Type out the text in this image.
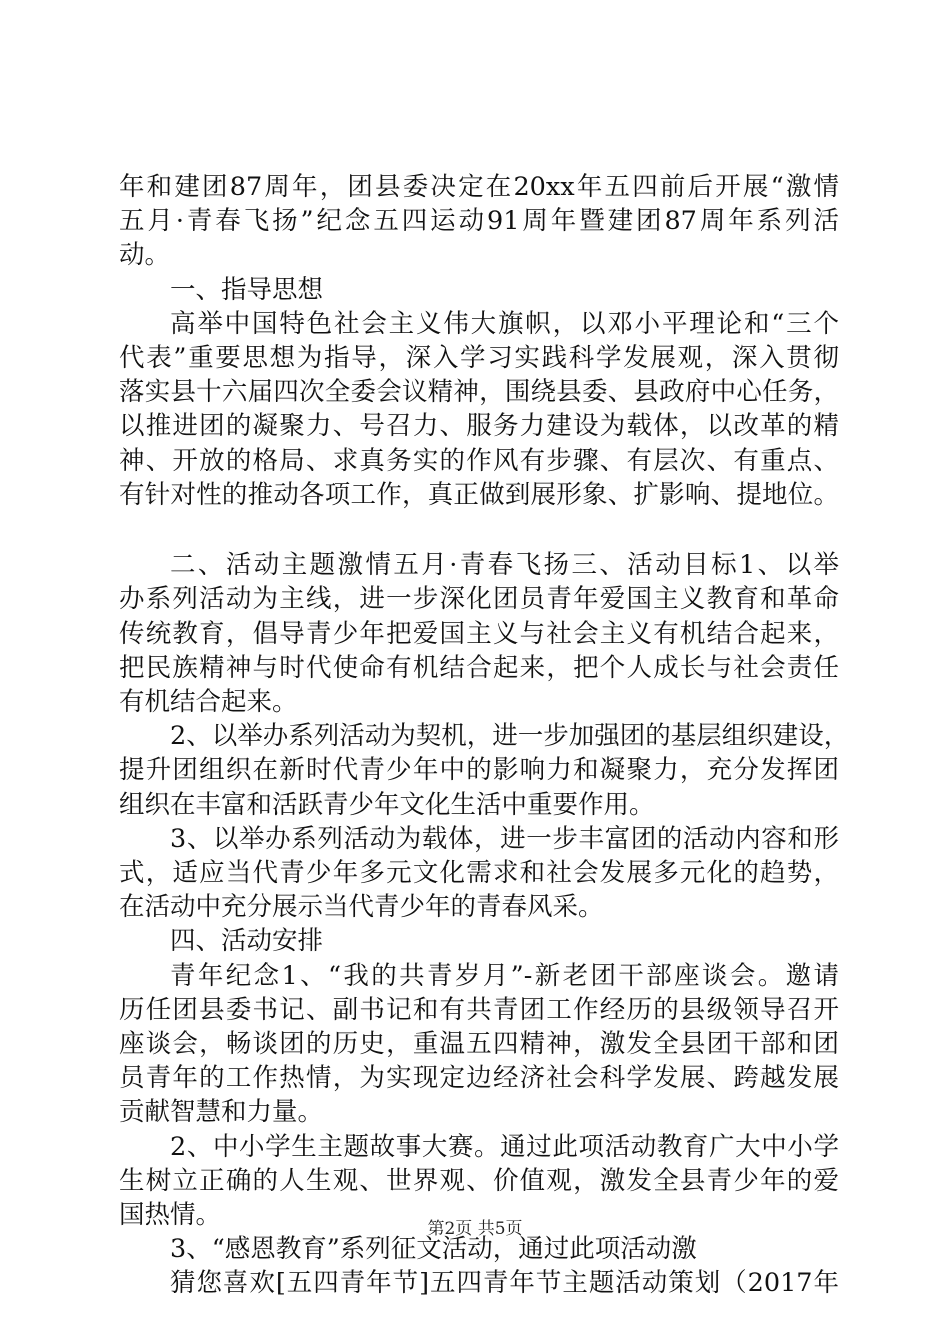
年和建团87周年，团县委决定在20xx年五四前后开展“激情
五月·青春飞扬”纪念五四运动91周年暨建团87周年系列活
动。
一、指导思想
高举中国特色社会主义伟大旗帜，以邓小平理论和“三个
代表”重要思想为指导，深入学习实践科学发展观，深入贯彻
落实县十六届四次全委会议精神，围绕县委、县政府中心任务，
以推进团的凝聚力、号召力、服务力建设为载体，以改革的精
神、开放的格局、求真务实的作风有步骤、有层次、有重点、
有针对性的推动各项工作，真正做到展形象、扩影响、提地位。
二、活动主题激情五月·青春飞扬三、活动目标1、以举
办系列活动为主线，进一步深化团员青年爱国主义教育和革命
传统教育，倡导青少年把爱国主义与社会主义有机结合起来，
把民族精神与时代使命有机结合起来，把个人成长与社会责任
有机结合起来。
2、以举办系列活动为契机，进一步加强团的基层组织建设，
提升团组织在新时代青少年中的影响力和凝聚力，充分发挥团
组织在丰富和活跃青少年文化生活中重要作用。
3、以举办系列活动为载体，进一步丰富团的活动内容和形
式，适应当代青少年多元文化需求和社会发展多元化的趋势，
在活动中充分展示当代青少年的青春风采。
四、活动安排
青年纪念1、“我的共青岁月”-新老团干部座谈会。邀请
历任团县委书记、副书记和有共青团工作经历的县级领导召开
座谈会，畅谈团的历史，重温五四精神，激发全县团干部和团
员青年的工作热情，为实现定边经济社会科学发展、跨越发展
贡献智慧和力量。
2、中小学生主题故事大赛。通过此项活动教育广大中小学
生树立正确的人生观、世界观、价值观，激发全县青少年的爱
国热情。
3、“感恩教育”系列征文活动，通过此项活动激
猜您喜欢[五四青年节]五四青年节主题活动策划（2017年
第2页 共5页
